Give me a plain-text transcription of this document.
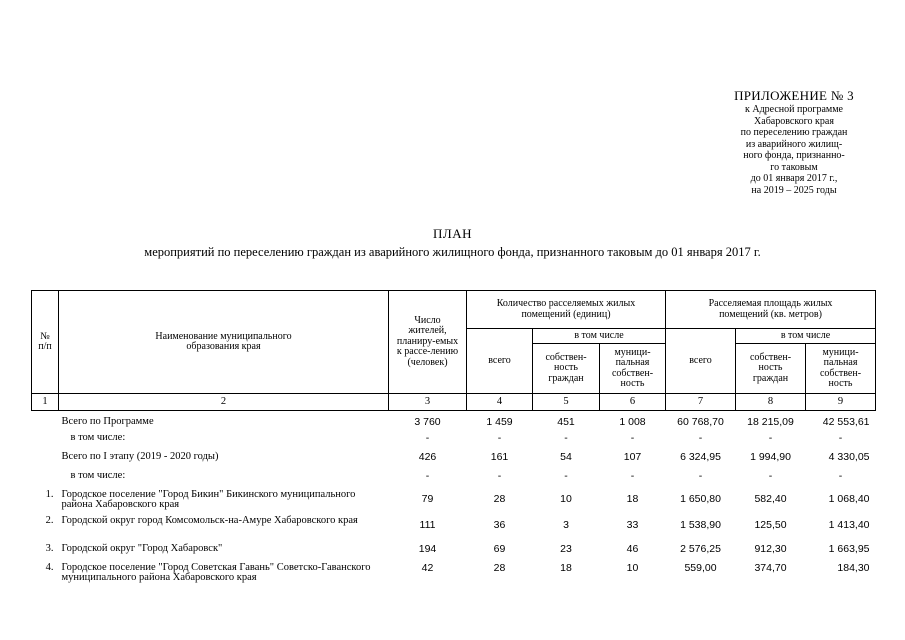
ПРИЛОЖЕНИЕ № 3
к Адресной программе
Хабаровского края
по переселению граждан
из аварийного жилищ-
ного фонда, признанно-
го таковым
до 01 января 2017 г.,
на 2019 – 2025 годы
ПЛАН
мероприятий по переселению граждан из аварийного жилищного фонда, признанного таковым до 01 января 2017 г.
№ п/п	Наименование муниципального образования края	Число жителей, планиру-емых к рассе-лению (человек)	Количество расселяемых жилых помещений (единиц)			Расселяемая площадь жилых помещений (кв. метров)		
			всего	в том числе		всего	в том числе	
				собствен-ность граждан	муници-пальная собствен-ность		собствен-ность граждан	муници-пальная собствен-ность
1	2	3	4	5	6	7	8	9
	Всего по Программе	3 760	1 459	451	1 008	60 768,70	18 215,09	42 553,61
	в том числе:	-	-	-	-	-	-	-
	Всего по I этапу (2019 - 2020 годы)	426	161	54	107	6 324,95	1 994,90	4 330,05
	в том числе:	-	-	-	-	-	-	-
1.	Городское поселение "Город Бикин" Бикинского муниципального района Хабаровского края	79	28	10	18	1 650,80	582,40	1 068,40
2.	Городской округ город Комсомольск-на-Амуре Хабаровского края	111	36	3	33	1 538,90	125,50	1 413,40
3.	Городской округ "Город Хабаровск"	194	69	23	46	2 576,25	912,30	1 663,95
4.	Городское поселение "Город Советская Гавань" Советско-Гаванского муниципального района Хабаровского края	42	28	18	10	559,00	374,70	184,30
